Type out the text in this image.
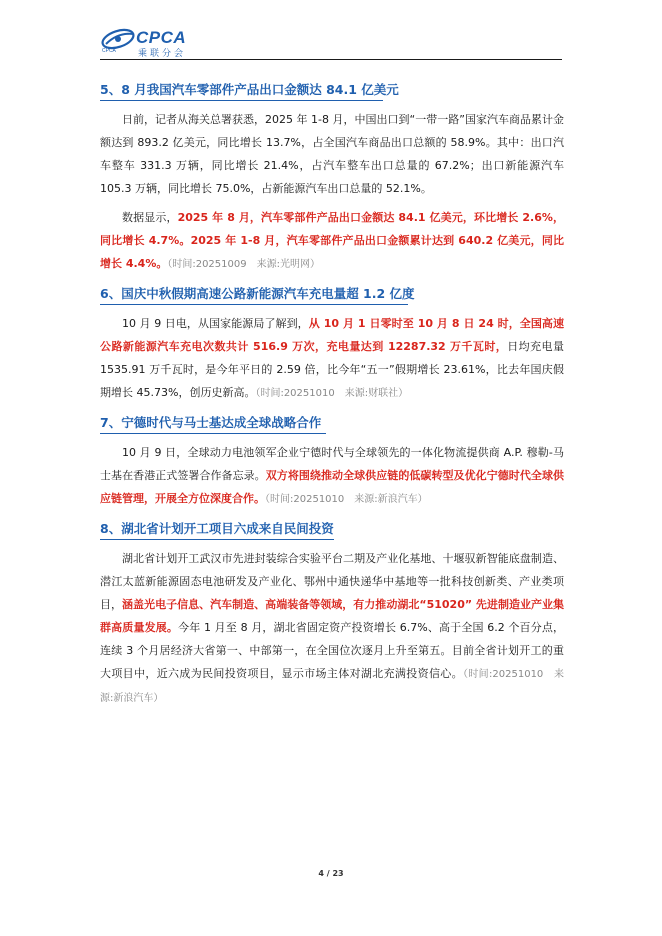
CPCA
CPCA
乘联分会
5、8 月我国汽车零部件产品出口金额达 84.1 亿美元

日前，记者从海关总署获悉，2025 年 1-8 月，中国出口到“一带一路”国家汽车商品累计金额达到 893.2 亿美元，同比增长 13.7%，占全国汽车商品出口总额的 58.9%。其中：出口汽车整车 331.3 万辆，同比增长 21.4%，占汽车整车出口总量的 67.2%；出口新能源汽车 105.3 万辆，同比增长 75.0%，占新能源汽车出口总量的 52.1%。

数据显示，2025 年 8 月，汽车零部件产品出口金额达 84.1 亿美元，环比增长 2.6%，同比增长 4.7%。2025 年 1-8 月，汽车零部件产品出口金额累计达到 640.2 亿美元，同比增长 4.4%。（时间:20251009　来源:光明网）

6、国庆中秋假期高速公路新能源汽车充电量超 1.2 亿度

10 月 9 日电，从国家能源局了解到，从 10 月 1 日零时至 10 月 8 日 24 时，全国高速公路新能源汽车充电次数共计 516.9 万次，充电量达到 12287.32 万千瓦时，日均充电量 1535.91 万千瓦时，是今年平日的 2.59 倍，比今年“五一”假期增长 23.61%，比去年国庆假期增长 45.73%，创历史新高。（时间:20251010　来源:财联社）

7、宁德时代与马士基达成全球战略合作

10 月 9 日，全球动力电池领军企业宁德时代与全球领先的一体化物流提供商 A.P. 穆勒-马士基在香港正式签署合作备忘录。双方将围绕推动全球供应链的低碳转型及优化宁德时代全球供应链管理，开展全方位深度合作。（时间:20251010　来源:新浪汽车）

8、湖北省计划开工项目六成来自民间投资

湖北省计划开工武汉市先进封装综合实验平台二期及产业化基地、十堰驭新智能底盘制造、潜江太蓝新能源固态电池研发及产业化、鄂州中通快递华中基地等一批科技创新类、产业类项目，涵盖光电子信息、汽车制造、高端装备等领域，有力推动湖北“51020” 先进制造业产业集群高质量发展。今年 1 月至 8 月，湖北省固定资产投资增长 6.7%、高于全国 6.2 个百分点，连续 3 个月居经济大省第一、中部第一，在全国位次逐月上升至第五。目前全省计划开工的重大项目中，近六成为民间投资项目，显示市场主体对湖北充满投资信心。（时间:20251010　来源:新浪汽车）

4 / 23
